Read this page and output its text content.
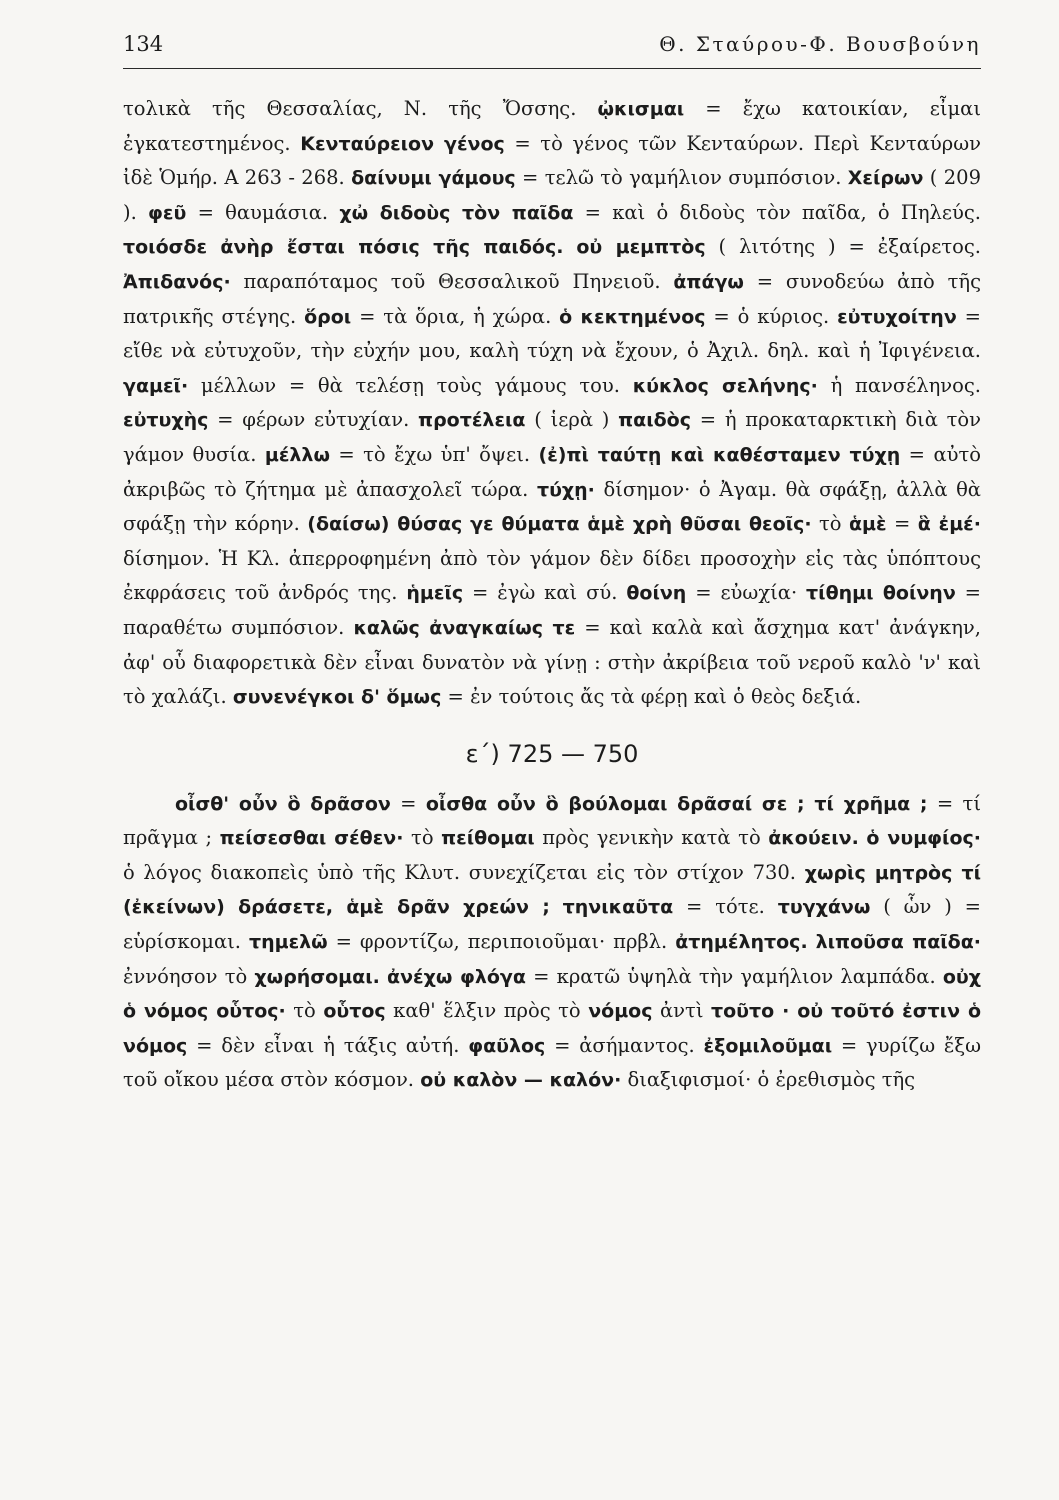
134	Θ. Σταύρου-Φ. Βουσβούνη

τολικὰ τῆς Θεσσαλίας, Ν. τῆς Ὄσσης. ᾠκισμαι = ἔχω κατοικίαν, εἶμαι ἐγκατεστημένος. Κενταύρειον γένος = τὸ γένος τῶν Κενταύρων. Περὶ Κενταύρων ἰδὲ Ὁμήρ. Α 263 - 268. δαίνυμι γάμους = τελῶ τὸ γαμήλιον συμπόσιον. Χείρων ( 209 ). φεῦ = θαυμάσια. χὠ διδοὺς τὸν παῖδα = καὶ ὁ διδοὺς τὸν παῖδα, ὁ Πηλεύς. τοιόσδε ἀνὴρ ἔσται πόσις τῆς παιδός. οὐ μεμπτὸς ( λιτότης ) = ἐξαίρετος. Ἀπιδανός· παραπόταμος τοῦ Θεσσαλικοῦ Πηνειοῦ. ἀπάγω = συνοδεύω ἀπὸ τῆς πατρικῆς στέγης. ὅροι = τὰ ὅρια, ἡ χώρα. ὁ κεκτημένος = ὁ κύριος. εὐτυχοίτην = εἴθε νὰ εὐτυχοῦν, τὴν εὐχήν μου, καλὴ τύχη νὰ ἔχουν, ὁ Ἀχιλ. δηλ. καὶ ἡ Ἰφιγένεια. γαμεῖ· μέλλων = θὰ τελέσῃ τοὺς γάμους του. κύκλος σελήνης· ἡ πανσέληνος. εὐτυχὴς = φέρων εὐτυχίαν. προτέλεια ( ἱερὰ ) παιδὸς = ἡ προκαταρκτικὴ διὰ τὸν γάμον θυσία. μέλλω = τὸ ἔχω ὑπ' ὄψει. (ἐ)πὶ ταύτῃ καὶ καθέσταμεν τύχῃ = αὐτὸ ἀκριβῶς τὸ ζήτημα μὲ ἀπασχολεῖ τώρα. τύχῃ· δίσημον· ὁ Ἀγαμ. θὰ σφάξῃ, ἀλλὰ θὰ σφάξῃ τὴν κόρην. (δαίσω) θύσας γε θύματα ἁμὲ χρὴ θῦσαι θεοῖς· τὸ ἁμὲ = ἃ ἐμέ· δίσημον. Ἡ Κλ. ἀπερροφημένη ἀπὸ τὸν γάμον δὲν δίδει προσοχὴν εἰς τὰς ὑπόπτους ἐκφράσεις τοῦ ἀνδρός της. ἡμεῖς = ἐγὼ καὶ σύ. θοίνη = εὐωχία· τίθημι θοίνην = παραθέτω συμπόσιον. καλῶς ἀναγκαίως τε = καὶ καλὰ καὶ ἄσχημα κατ' ἀνάγκην, ἀφ' οὗ διαφορετικὰ δὲν εἶναι δυνατὸν νὰ γίνῃ : στὴν ἀκρίβεια τοῦ νεροῦ καλὸ 'ν' καὶ τὸ χαλάζι. συνενέγκοι δ' ὅμως = ἐν τούτοις ἄς τὰ φέρῃ καὶ ὁ θεὸς δεξιά.

ε΄) 725 — 750

οἶσθ' οὖν ὃ δρᾶσον = οἶσθα οὖν ὃ βούλομαι δρᾶσαί σε ; τί χρῆμα ; = τί πρᾶγμα ; πείσεσθαι σέθεν· τὸ πείθομαι πρὸς γενικὴν κατὰ τὸ ἀκούειν. ὁ νυμφίος· ὁ λόγος διακοπεὶς ὑπὸ τῆς Κλυτ. συνεχίζεται εἰς τὸν στίχον 730. χωρὶς μητρὸς τί (ἐκείνων) δράσετε, ἁμὲ δρᾶν χρεών ; τηνικαῦτα = τότε. τυγχάνω ( ὧν ) = εὑρίσκομαι. τημελῶ = φροντίζω, περιποιοῦμαι· πρβλ. ἀτημέλητος. λιποῦσα παῖδα· ἐννόησον τὸ χωρήσομαι. ἀνέχω φλόγα = κρατῶ ὑψηλὰ τὴν γαμήλιον λαμπάδα. οὐχ ὁ νόμος οὗτος· τὸ οὗτος καθ' ἕλξιν πρὸς τὸ νόμος ἀντὶ τοῦτο · οὐ τοῦτό ἐστιν ὁ νόμος = δὲν εἶναι ἡ τάξις αὐτή. φαῦλος = ἀσήμαντος. ἐξομιλοῦμαι = γυρίζω ἔξω τοῦ οἴκου μέσα στὸν κόσμον. οὐ καλὸν — καλόν· διαξιφισμοί· ὁ ἐρεθισμὸς τῆς
